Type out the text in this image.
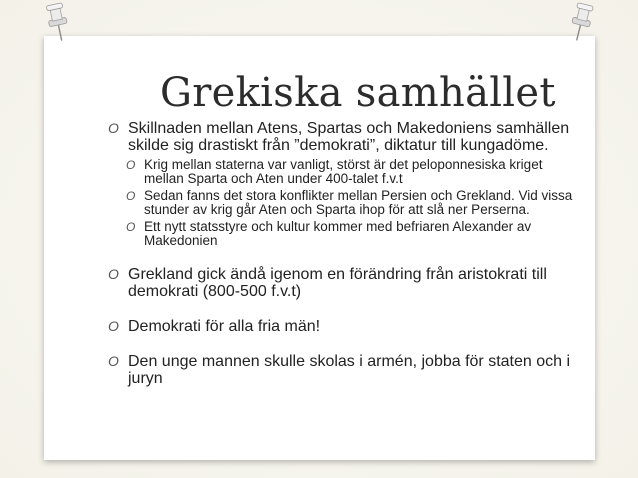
Grekiska samhället
O Skillnaden mellan Atens, Spartas och Makedoniens samhällen skilde sig drastiskt från ”demokrati”, diktatur till kungadöme.
O Krig mellan staterna var vanligt, störst är det peloponnesiska kriget mellan Sparta och Aten under 400-talet f.v.t
O Sedan fanns det stora konflikter mellan Persien och Grekland. Vid vissa stunder av krig går Aten och Sparta ihop för att slå ner Perserna.
O Ett nytt statsstyre och kultur kommer med befriaren Alexander av Makedonien
O Grekland gick ändå igenom en förändring från aristokrati till demokrati (800-500 f.v.t)
O Demokrati för alla fria män!
O Den unge mannen skulle skolas i armén, jobba för staten och i juryn
